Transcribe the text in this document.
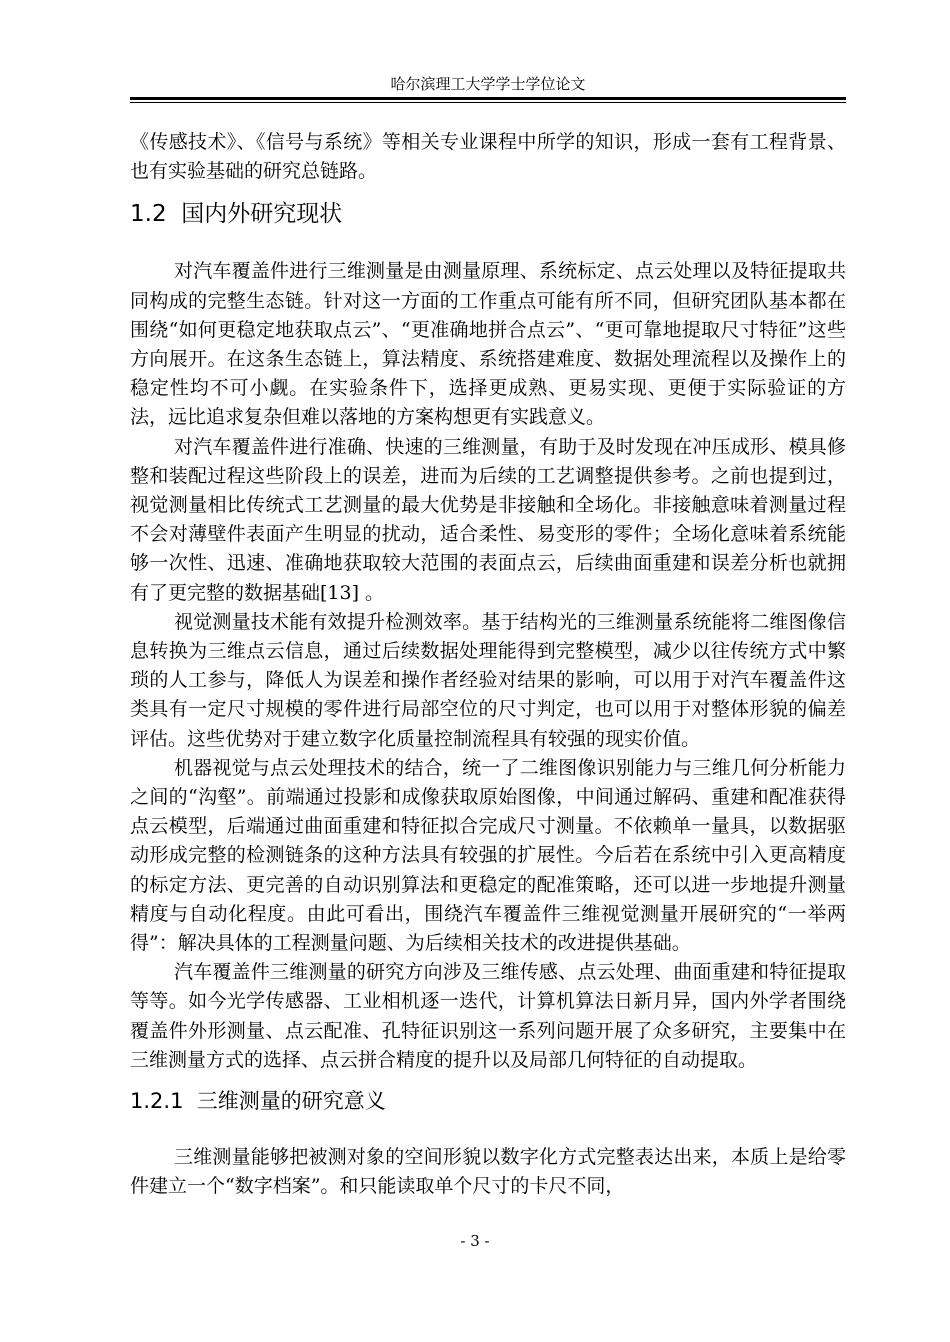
哈尔滨理工大学学士学位论文

《传感技术》、《信号与系统》等相关专业课程中所学的知识，形成一套有工程背景、也有实验基础的研究总链路。

1.2  国内外研究现状

对汽车覆盖件进行三维测量是由测量原理、系统标定、点云处理以及特征提取共同构成的完整生态链。针对这一方面的工作重点可能有所不同，但研究团队基本都在围绕“如何更稳定地获取点云”、“更准确地拼合点云”、“更可靠地提取尺寸特征”这些方向展开。在这条生态链上，算法精度、系统搭建难度、数据处理流程以及操作上的稳定性均不可小觑。在实验条件下，选择更成熟、更易实现、更便于实际验证的方法，远比追求复杂但难以落地的方案构想更有实践意义。

对汽车覆盖件进行准确、快速的三维测量，有助于及时发现在冲压成形、模具修整和装配过程这些阶段上的误差，进而为后续的工艺调整提供参考。之前也提到过，视觉测量相比传统式工艺测量的最大优势是非接触和全场化。非接触意味着测量过程不会对薄壁件表面产生明显的扰动，适合柔性、易变形的零件；全场化意味着系统能够一次性、迅速、准确地获取较大范围的表面点云，后续曲面重建和误差分析也就拥有了更完整的数据基础[13] 。

视觉测量技术能有效提升检测效率。基于结构光的三维测量系统能将二维图像信息转换为三维点云信息，通过后续数据处理能得到完整模型，减少以往传统方式中繁琐的人工参与，降低人为误差和操作者经验对结果的影响，可以用于对汽车覆盖件这类具有一定尺寸规模的零件进行局部空位的尺寸判定，也可以用于对整体形貌的偏差评估。这些优势对于建立数字化质量控制流程具有较强的现实价值。

机器视觉与点云处理技术的结合，统一了二维图像识别能力与三维几何分析能力之间的“沟壑”。前端通过投影和成像获取原始图像，中间通过解码、重建和配准获得点云模型，后端通过曲面重建和特征拟合完成尺寸测量。不依赖单一量具，以数据驱动形成完整的检测链条的这种方法具有较强的扩展性。今后若在系统中引入更高精度的标定方法、更完善的自动识别算法和更稳定的配准策略，还可以进一步地提升测量精度与自动化程度。由此可看出，围绕汽车覆盖件三维视觉测量开展研究的“一举两得”：解决具体的工程测量问题、为后续相关技术的改进提供基础。

汽车覆盖件三维测量的研究方向涉及三维传感、点云处理、曲面重建和特征提取等等。如今光学传感器、工业相机逐一迭代，计算机算法日新月异，国内外学者围绕覆盖件外形测量、点云配准、孔特征识别这一系列问题开展了众多研究，主要集中在三维测量方式的选择、点云拼合精度的提升以及局部几何特征的自动提取。

1.2.1  三维测量的研究意义

三维测量能够把被测对象的空间形貌以数字化方式完整表达出来，本质上是给零件建立一个“数字档案”。和只能读取单个尺寸的卡尺不同，

- 3 -
